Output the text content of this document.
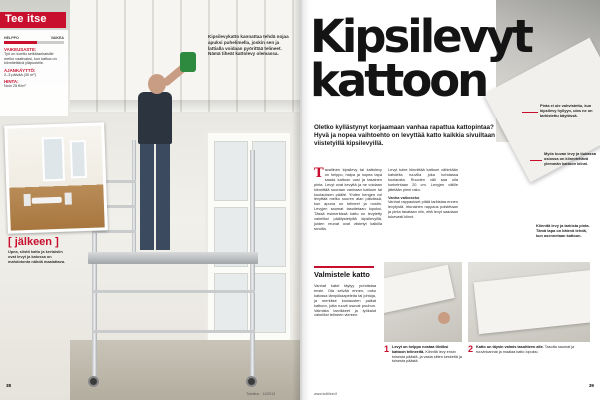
Tee itse
HELPPO	VAIKEA
VAIKEUSASTE:
Työ on koettu selkärankaisille melko vaativaksi, kun kattoa on kiinnitettävä yläpuolelle.
AJANKÄYTTÖ:
2–3 päivää (30 m²)
HINTA:
Noin 25 €/m²
Kipsilevykatto kannattaa tehdä nojaa apuksi puhelimella, joskin sen ja lattialla voidaan pyörittää telineet. Nämä tiheät kattolevy olemassa.
[ jälkeen ]
Upea, siistit katto ja kertaisiin ovat levyt ja katossa on mahdotonta nähdä maalattava.
38
Toimitus · 11/2013
Kipsilevyt
kattoon	Pinta ei ole vahvistettu, kun kipsilevy hyllyyn, ulos ne on tarkistettu käytössä.
Myös kuvan levy ja tiukassa osiossa on kiinnitettävä ylemmän kattoon kiinni.
Kiinnitä levy ja tarkista pinta. Tämä tapa on kätevä tehdä, kun asennetaan kattoon.
Oletko kyllästynyt korjaamaan vanhaa rapattua kattopintaa? Hyvä ja nopea vaihtoehto on levyttää katto kaikkia sivuiltaan viistetyillä kipsilevyillä.
T avallinen kipsilevy tai kattolevy on helppo, halpa ja nopea tapa saada kattoon uusi ja tasainen pinta. Levyt ovat kevyitä ja ne voidaan kiinnittää suoraan vanhaan kattoon tai koolauksen päälle. Yhden hengen voi levyttää melko suuren alan päivässä, kun apuna on telineet ja nostin. Levyjen saumat tasoitetaan lopuksi. Tässä esimerkissä katto on levytetty valmiiksi päällystetyillä kipsilevyillä, joiden reunat ovat viistetyt kaikilla sivuilla.
Levyt tulee kiinnittää kattoon vähintään kahdella ruuvilla joka kohdassa koolausta. Ruuvien väli saa olla korkeintaan 20 cm. Levyjen välille jätetään pieni rako.
Vanha valkoseko
Vanhat rappaukset pitää tarkistaa ennen levytystä. Irtonainen rappaus poistetaan ja pinta tasataan niin, että levyt saadaan tukevasti kiinni.
Valmistele katto
Vanhat katot täytyy puhdistaa ensin. Ota selvää ennen, onko katossa lämpökaapeleita tai johtoja, ja merkitse koolausten paikat kattoon, jotta ruuvit osuvat puuhun. Valmista tarvikkeet ja työkalut valmiiksi telineen viereen.
1 Levyt on helppo nostaa tiiviiksi kattoon telineeltä. Kiinnitä levy ensin toisesta päästä, ja vasta sitten keskeltä ja toisesta päästä.
2 Katto on täysin valmis tasoitteen alle. Tasoita saumat ja ruuvinkannat ja maalaa katto lopuksi.
www.kotiliesi.fi
39
